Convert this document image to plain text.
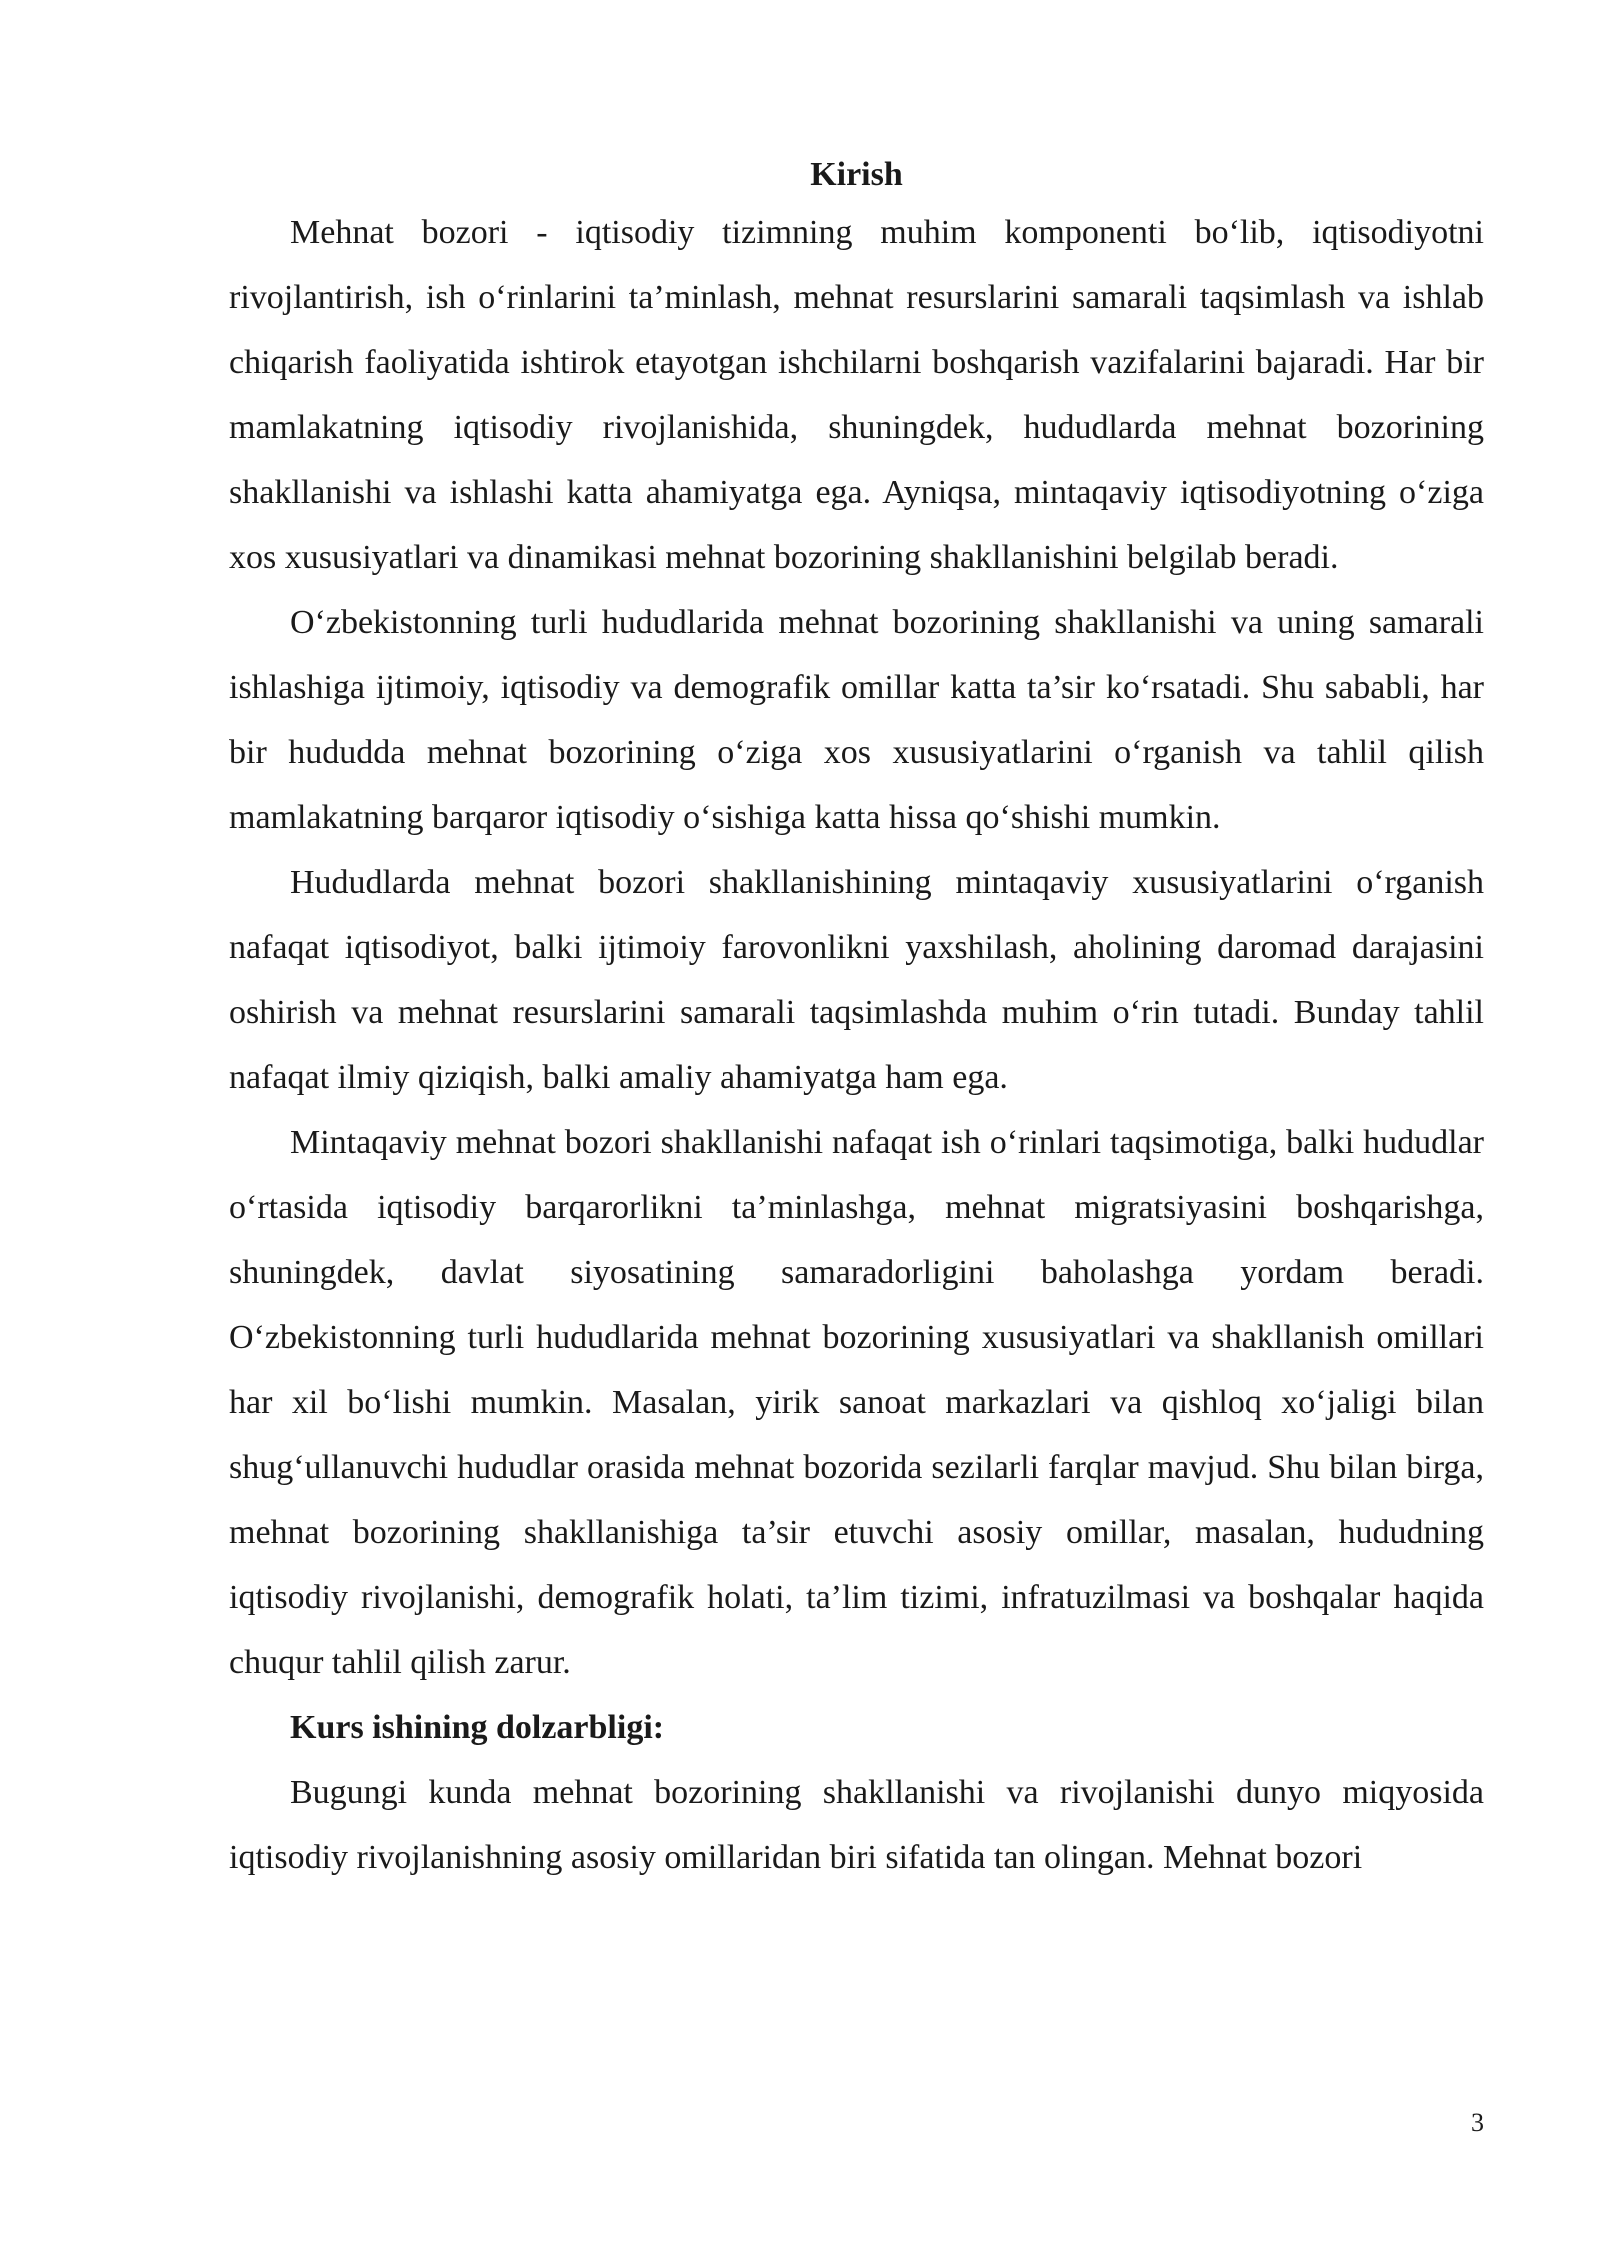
Kirish

Mehnat bozori - iqtisodiy tizimning muhim komponenti bo‘lib, iqtisodiyotni rivojlantirish, ish o‘rinlarini ta’minlash, mehnat resurslarini samarali taqsimlash va ishlab chiqarish faoliyatida ishtirok etayotgan ishchilarni boshqarish vazifalarini bajaradi. Har bir mamlakatning iqtisodiy rivojlanishida, shuningdek, hududlarda mehnat bozorining shakllanishi va ishlashi katta ahamiyatga ega. Ayniqsa, mintaqaviy iqtisodiyotning o‘ziga xos xususiyatlari va dinamikasi mehnat bozorining shakllanishini belgilab beradi.

O‘zbekistonning turli hududlarida mehnat bozorining shakllanishi va uning samarali ishlashiga ijtimoiy, iqtisodiy va demografik omillar katta ta’sir ko‘rsatadi. Shu sababli, har bir hududda mehnat bozorining o‘ziga xos xususiyatlarini o‘rganish va tahlil qilish mamlakatning barqaror iqtisodiy o‘sishiga katta hissa qo‘shishi mumkin.

Hududlarda mehnat bozori shakllanishining mintaqaviy xususiyatlarini o‘rganish nafaqat iqtisodiyot, balki ijtimoiy farovonlikni yaxshilash, aholining daromad darajasini oshirish va mehnat resurslarini samarali taqsimlashda muhim o‘rin tutadi. Bunday tahlil nafaqat ilmiy qiziqish, balki amaliy ahamiyatga ham ega.

Mintaqaviy mehnat bozori shakllanishi nafaqat ish o‘rinlari taqsimotiga, balki hududlar o‘rtasida iqtisodiy barqarorlikni ta’minlashga, mehnat migratsiyasini boshqarishga, shuningdek, davlat siyosatining samaradorligini baholashga yordam beradi. O‘zbekistonning turli hududlarida mehnat bozorining xususiyatlari va shakllanish omillari har xil bo‘lishi mumkin. Masalan, yirik sanoat markazlari va qishloq xo‘jaligi bilan shug‘ullanuvchi hududlar orasida mehnat bozorida sezilarli farqlar mavjud. Shu bilan birga, mehnat bozorining shakllanishiga ta’sir etuvchi asosiy omillar, masalan, hududning iqtisodiy rivojlanishi, demografik holati, ta’lim tizimi, infratuzilmasi va boshqalar haqida chuqur tahlil qilish zarur.

Kurs ishining dolzarbligi:

Bugungi kunda mehnat bozorining shakllanishi va rivojlanishi dunyo miqyosida iqtisodiy rivojlanishning asosiy omillaridan biri sifatida tan olingan. Mehnat bozori

3
